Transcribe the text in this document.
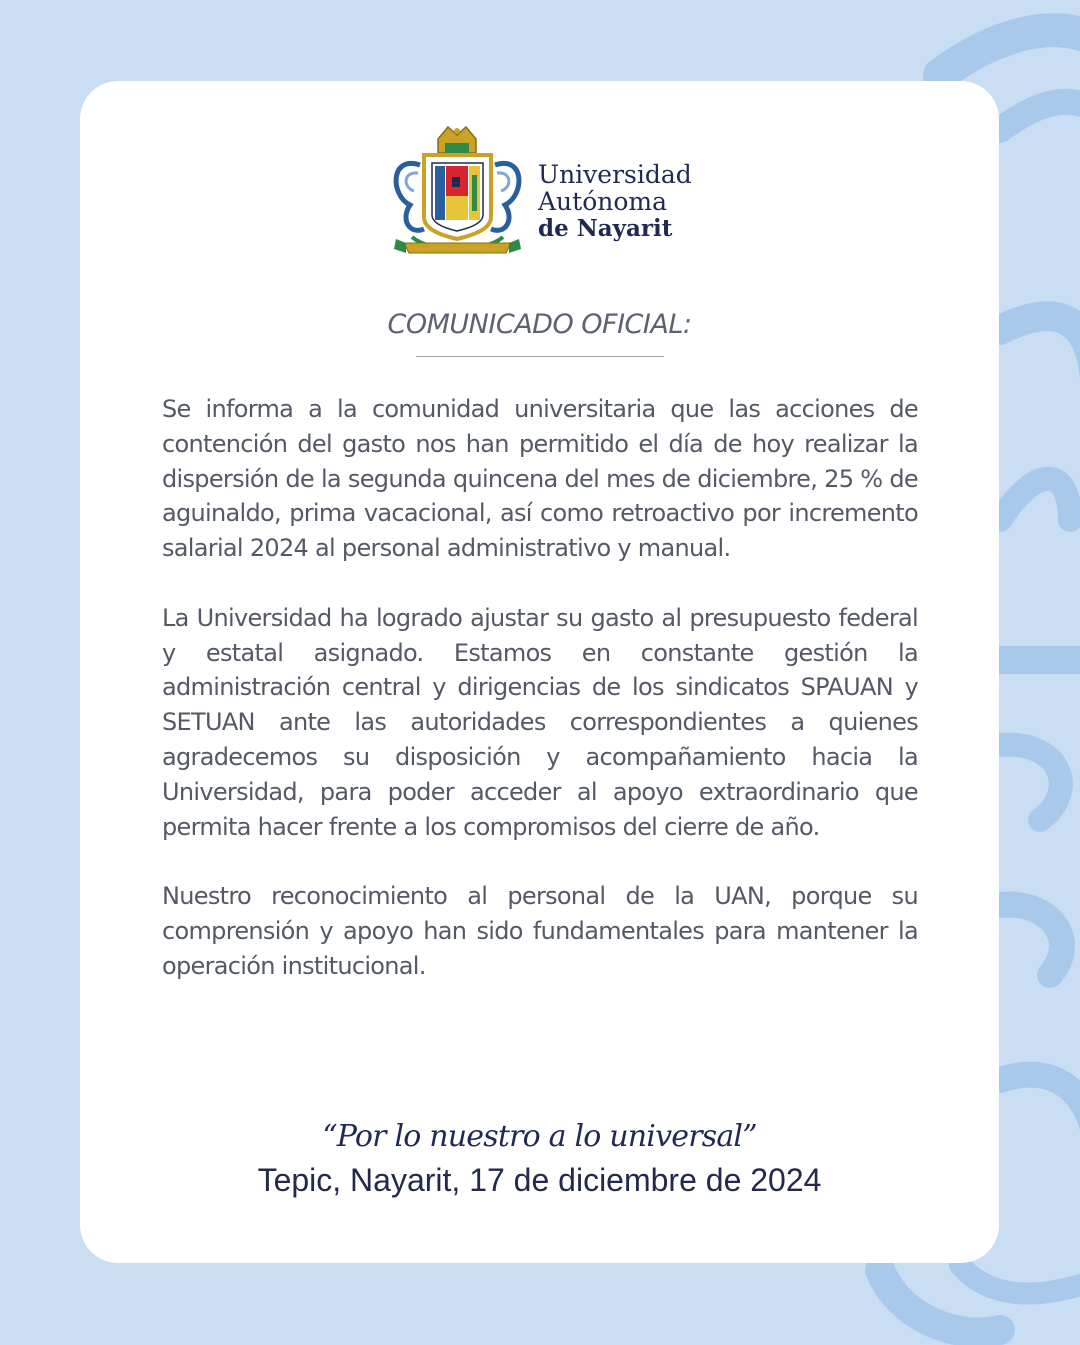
Universidad
Autónoma
de Nayarit
COMUNICADO OFICIAL:

Se informa a la comunidad universitaria que las acciones de contención del gasto nos han permitido el día de hoy realizar la dispersión de la segunda quincena del mes de diciembre, 25 % de aguinaldo, prima vacacional, así como retroactivo por incremento salarial 2024 al personal administrativo y manual.

La Universidad ha logrado ajustar su gasto al presupuesto federal y estatal asignado. Estamos en constante gestión la administración central y dirigencias de los sindicatos SPAUAN y SETUAN ante las autoridades correspondientes a quienes agradecemos su disposición y acompañamiento hacia la Universidad, para poder acceder al apoyo extraordinario que permita hacer frente a los compromisos del cierre de año.

Nuestro reconocimiento al personal de la UAN, porque su comprensión y apoyo han sido fundamentales para mantener la operación institucional.

“Por lo nuestro a lo universal”
Tepic, Nayarit, 17 de diciembre de 2024
